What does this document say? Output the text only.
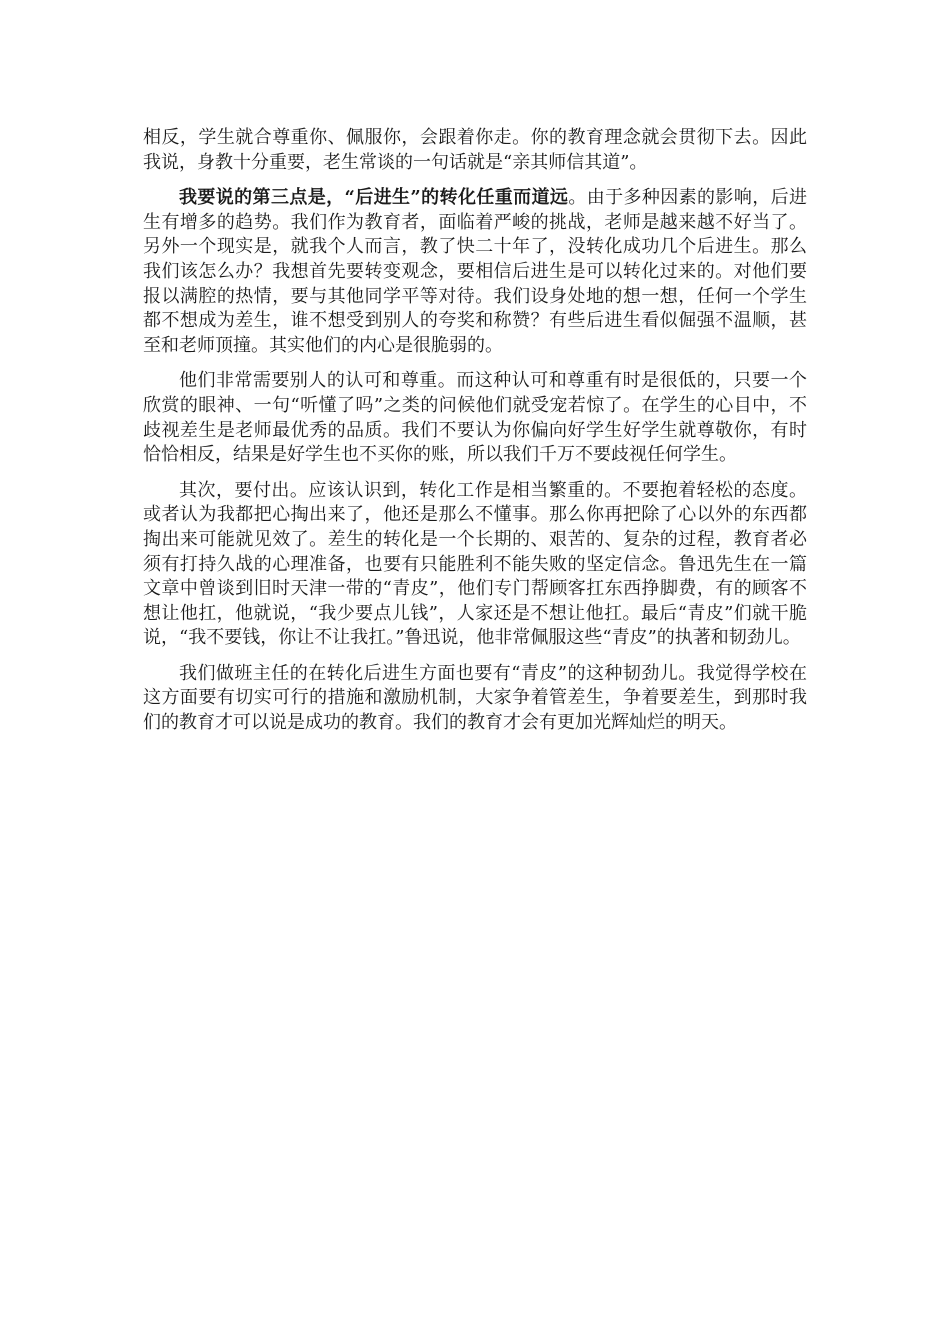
相反，学生就合尊重你、佩服你，会跟着你走。你的教育理念就会贯彻下去。因此我说，身教十分重要，老生常谈的一句话就是“亲其师信其道”。

我要说的第三点是，“后进生”的转化任重而道远。由于多种因素的影响，后进生有增多的趋势。我们作为教育者，面临着严峻的挑战，老师是越来越不好当了。另外一个现实是，就我个人而言，教了快二十年了，没转化成功几个后进生。那么我们该怎么办？我想首先要转变观念，要相信后进生是可以转化过来的。对他们要报以满腔的热情，要与其他同学平等对待。我们设身处地的想一想，任何一个学生都不想成为差生，谁不想受到别人的夸奖和称赞？有些后进生看似倔强不温顺，甚至和老师顶撞。其实他们的内心是很脆弱的。

他们非常需要别人的认可和尊重。而这种认可和尊重有时是很低的，只要一个欣赏的眼神、一句“听懂了吗”之类的问候他们就受宠若惊了。在学生的心目中，不歧视差生是老师最优秀的品质。我们不要认为你偏向好学生好学生就尊敬你，有时恰恰相反，结果是好学生也不买你的账，所以我们千万不要歧视任何学生。

其次，要付出。应该认识到，转化工作是相当繁重的。不要抱着轻松的态度。或者认为我都把心掏出来了，他还是那么不懂事。那么你再把除了心以外的东西都掏出来可能就见效了。差生的转化是一个长期的、艰苦的、复杂的过程，教育者必须有打持久战的心理准备，也要有只能胜利不能失败的坚定信念。鲁迅先生在一篇文章中曾谈到旧时天津一带的“青皮”，他们专门帮顾客扛东西挣脚费，有的顾客不想让他扛，他就说，“我少要点儿钱”，人家还是不想让他扛。最后“青皮”们就干脆说，“我不要钱，你让不让我扛。”鲁迅说，他非常佩服这些“青皮”的执著和韧劲儿。

我们做班主任的在转化后进生方面也要有“青皮”的这种韧劲儿。我觉得学校在这方面要有切实可行的措施和激励机制，大家争着管差生，争着要差生，到那时我们的教育才可以说是成功的教育。我们的教育才会有更加光辉灿烂的明天。
